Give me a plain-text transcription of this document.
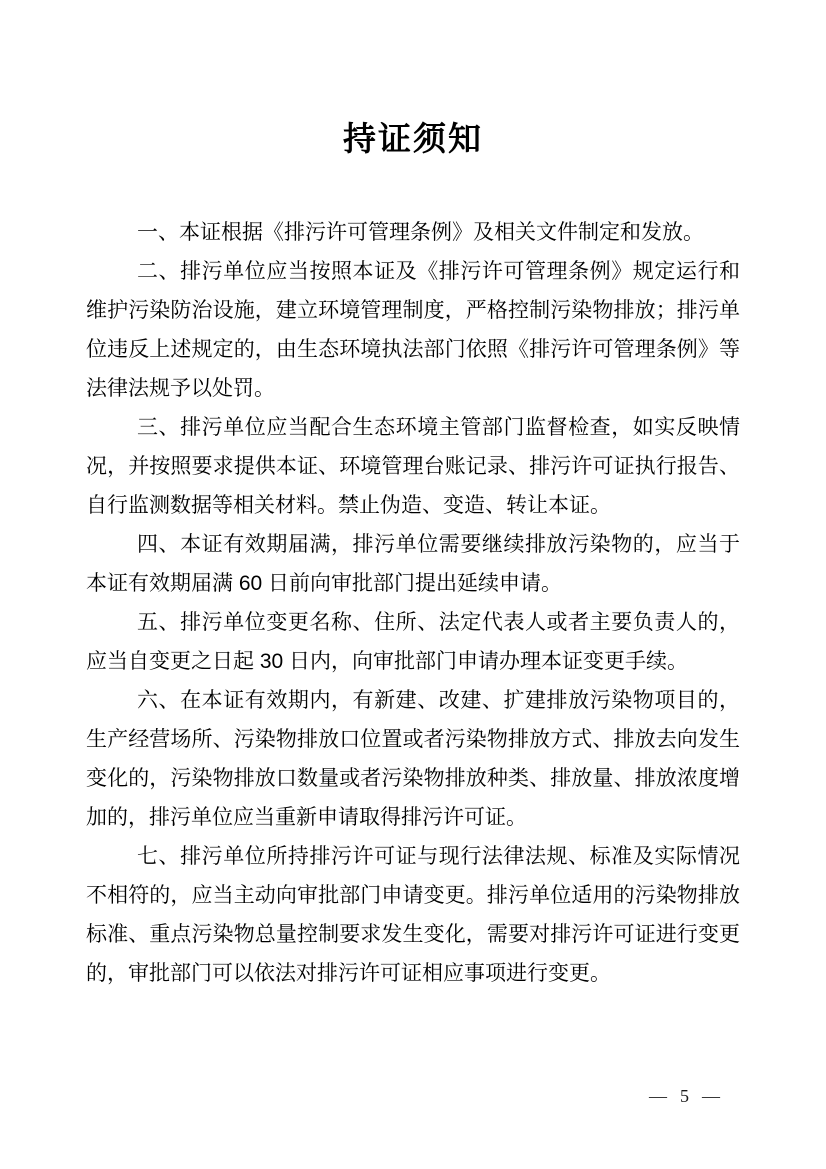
持证须知

一、本证根据《排污许可管理条例》及相关文件制定和发放。

二、排污单位应当按照本证及《排污许可管理条例》规定运行和维护污染防治设施，建立环境管理制度，严格控制污染物排放；排污单位违反上述规定的，由生态环境执法部门依照《排污许可管理条例》等法律法规予以处罚。

三、排污单位应当配合生态环境主管部门监督检查，如实反映情况，并按照要求提供本证、环境管理台账记录、排污许可证执行报告、自行监测数据等相关材料。禁止伪造、变造、转让本证。

四、本证有效期届满，排污单位需要继续排放污染物的，应当于本证有效期届满 60 日前向审批部门提出延续申请。

五、排污单位变更名称、住所、法定代表人或者主要负责人的，应当自变更之日起 30 日内，向审批部门申请办理本证变更手续。

六、在本证有效期内，有新建、改建、扩建排放污染物项目的，生产经营场所、污染物排放口位置或者污染物排放方式、排放去向发生变化的，污染物排放口数量或者污染物排放种类、排放量、排放浓度增加的，排污单位应当重新申请取得排污许可证。

七、排污单位所持排污许可证与现行法律法规、标准及实际情况不相符的，应当主动向审批部门申请变更。排污单位适用的污染物排放标准、重点污染物总量控制要求发生变化，需要对排污许可证进行变更的，审批部门可以依法对排污许可证相应事项进行变更。

— 5 —
